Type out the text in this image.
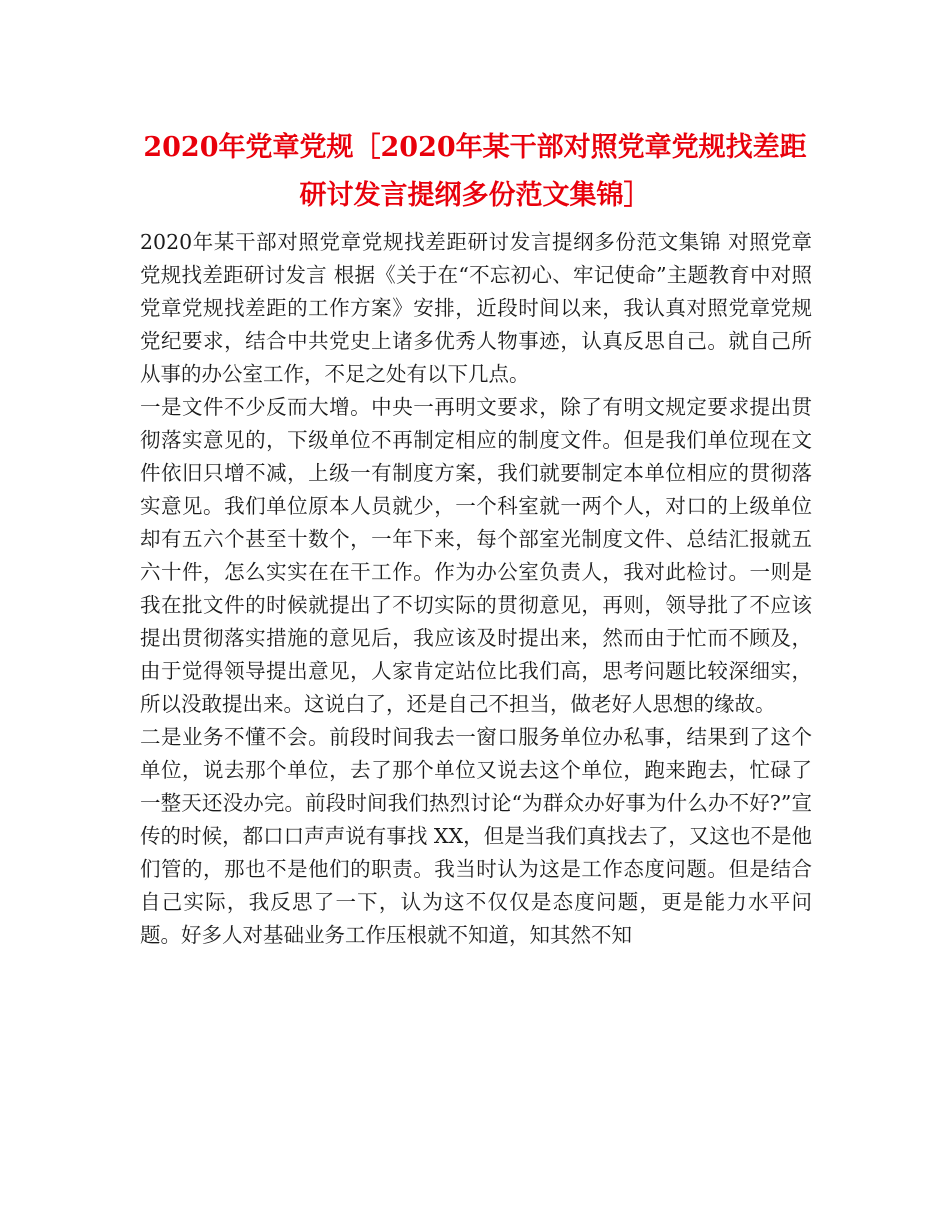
2020年党章党规［2020年某干部对照党章党规找差距
研讨发言提纲多份范文集锦］

2020年某干部对照党章党规找差距研讨发言提纲多份范文集锦 对照党章党规找差距研讨发言 根据《关于在“不忘初心、牢记使命”主题教育中对照党章党规找差距的工作方案》安排，近段时间以来，我认真对照党章党规党纪要求，结合中共党史上诸多优秀人物事迹，认真反思自己。就自己所从事的办公室工作，不足之处有以下几点。

一是文件不少反而大增。中央一再明文要求，除了有明文规定要求提出贯彻落实意见的，下级单位不再制定相应的制度文件。但是我们单位现在文件依旧只增不减，上级一有制度方案，我们就要制定本单位相应的贯彻落实意见。我们单位原本人员就少，一个科室就一两个人，对口的上级单位却有五六个甚至十数个，一年下来，每个部室光制度文件、总结汇报就五六十件，怎么实实在在干工作。作为办公室负责人，我对此检讨。一则是我在批文件的时候就提出了不切实际的贯彻意见，再则，领导批了不应该提出贯彻落实措施的意见后，我应该及时提出来，然而由于忙而不顾及，由于觉得领导提出意见，人家肯定站位比我们高，思考问题比较深细实，所以没敢提出来。这说白了，还是自己不担当，做老好人思想的缘故。

二是业务不懂不会。前段时间我去一窗口服务单位办私事，结果到了这个单位，说去那个单位，去了那个单位又说去这个单位，跑来跑去，忙碌了一整天还没办完。前段时间我们热烈讨论“为群众办好事为什么办不好?”宣传的时候，都口口声声说有事找 XX，但是当我们真找去了，又这也不是他们管的，那也不是他们的职责。我当时认为这是工作态度问题。但是结合自己实际，我反思了一下，认为这不仅仅是态度问题，更是能力水平问题。好多人对基础业务工作压根就不知道，知其然不知
